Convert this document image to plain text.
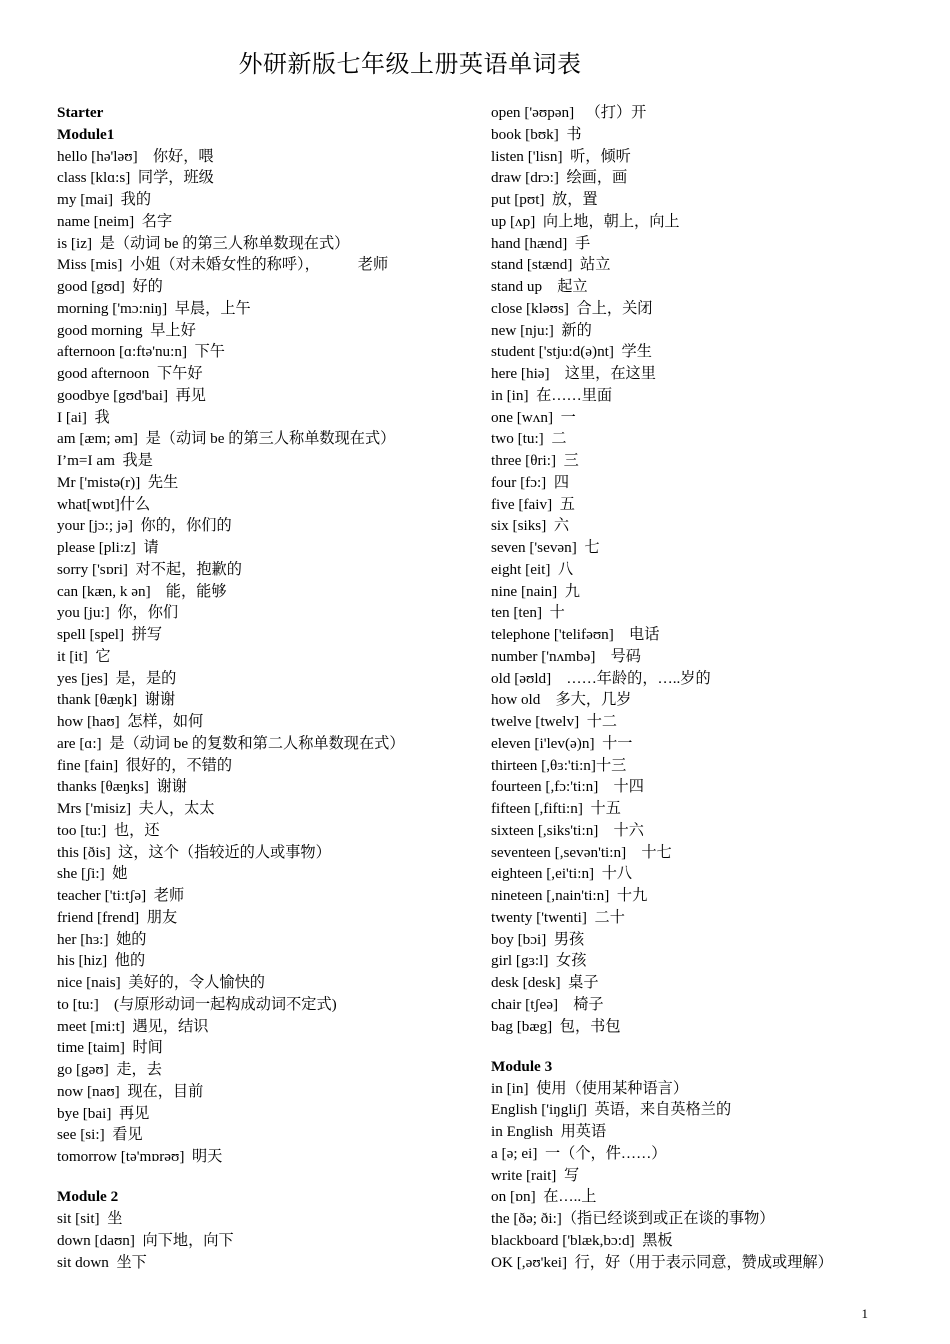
外研新版七年级上册英语单词表
Starter
Module1
hello [hə'ləʊ]    你好，喂
class [klɑ:s]  同学，班级
my [mai]  我的
name [neim]  名字
is [iz]  是（动词 be 的第三人称单数现在式）
Miss [mis]  小姐（对未婚女性的称呼），          老师
good [gʊd]  好的
morning ['mɔ:niŋ]  早晨，上午
good morning  早上好
afternoon [ɑ:ftə'nu:n]  下午
good afternoon  下午好
goodbye [gʊd'bai]  再见
I [ai]  我
am [æm; əm]  是（动词 be 的第三人称单数现在式）
I’m=I am  我是
Mr ['mistə(r)]  先生
what[wɒt]什么
your [jɔ:; jə]  你的，你们的
please [pli:z]  请
sorry ['sɒri]  对不起，抱歉的
can [kæn, k ən]    能，能够
you [ju:]  你，你们
spell [spel]  拼写
it [it]  它
yes [jes]  是，是的
thank [θæŋk]  谢谢
how [haʊ]  怎样，如何
are [ɑ:]  是（动词 be 的复数和第二人称单数现在式）
fine [fain]  很好的，不错的
thanks [θæŋks]  谢谢
Mrs ['misiz]  夫人，太太
too [tu:]  也，还
this [ðis]  这，这个（指较近的人或事物）
she [ʃi:]  她
teacher ['ti:tʃə]  老师
friend [frend]  朋友
her [hɜ:]  她的
his [hiz]  他的
nice [nais]  美好的，令人愉快的
to [tu:]    (与原形动词一起构成动词不定式)
meet [mi:t]  遇见，结识
time [taim]  时间
go [gəʊ]  走，去
now [naʊ]  现在，目前
bye [bai]  再见
see [si:]  看见
tomorrow [tə'mɒrəʊ]  明天
Module 2
sit [sit]  坐
down [daʊn]  向下地，向下
sit down  坐下
open ['əʊpən]   （打）开
book [bʊk]  书
listen ['lisn]  听，倾听
draw [drɔ:]  绘画，画
put [pʊt]  放，置
up [ʌp]  向上地，朝上，向上
hand [hænd]  手
stand [stænd]  站立
stand up    起立
close [kləʊs]  合上，关闭
new [nju:]  新的
student ['stju:d(ə)nt]  学生
here [hiə]    这里，在这里
in [in]  在……里面
one [wʌn]  一
two [tu:]  二
three [θri:]  三
four [fɔ:]  四
five [faiv]  五
six [siks]  六
seven ['sevən]  七
eight [eit]  八
nine [nain]  九
ten [ten]  十
telephone ['telifəʊn]    电话
number ['nʌmbə]    号码
old [əʊld]    ……年龄的，…..岁的
how old    多大，几岁
twelve [twelv]  十二
eleven [i'lev(ə)n]  十一
thirteen [,θɜ:'ti:n]十三
fourteen [,fɔ:'ti:n]    十四
fifteen [,fifti:n]  十五
sixteen [,siks'ti:n]    十六
seventeen [,sevən'ti:n]    十七
eighteen [,ei'ti:n]  十八
nineteen [,nain'ti:n]  十九
twenty ['twenti]  二十
boy [bɔi]  男孩
girl [gɜ:l]  女孩
desk [desk]  桌子
chair [tʃeə]    椅子
bag [bæg]  包，书包
Module 3
in [in]  使用（使用某种语言）
English ['iŋgliʃ]  英语，来自英格兰的
in English  用英语
a [ə; ei]  一（个，件……）
write [rait]  写
on [ɒn]  在…..上
the [ðə; ði:]（指已经谈到或正在谈的事物）
blackboard ['blæk,bɔ:d]  黑板
OK [,əʊ'kei]  行，好（用于表示同意，赞成或理解）
1
